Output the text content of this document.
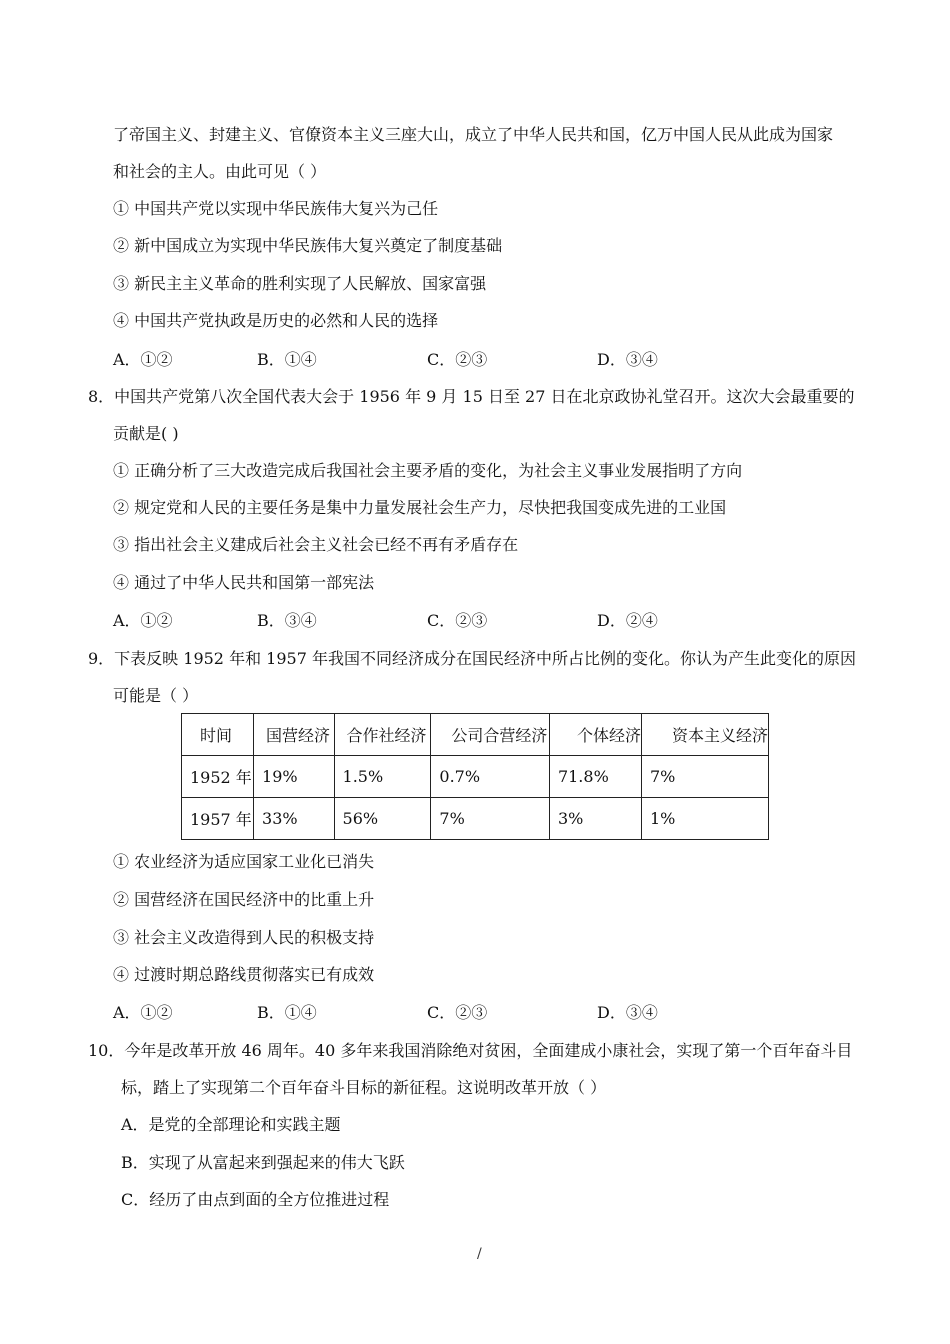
了帝国主义、封建主义、官僚资本主义三座大山，成立了中华人民共和国，亿万中国人民从此成为国家
和社会的主人。由此可见（ ）
① 中国共产党以实现中华民族伟大复兴为己任
② 新中国成立为实现中华民族伟大复兴奠定了制度基础
③ 新民主主义革命的胜利实现了人民解放、国家富强
④ 中国共产党执政是历史的必然和人民的选择
A．①②	B．①④	C．②③	D．③④
8．中国共产党第八次全国代表大会于 1956 年 9 月 15 日至 27 日在北京政协礼堂召开。这次大会最重要的
贡献是( )
① 正确分析了三大改造完成后我国社会主要矛盾的变化，为社会主义事业发展指明了方向
② 规定党和人民的主要任务是集中力量发展社会生产力，尽快把我国变成先进的工业国
③ 指出社会主义建成后社会主义社会已经不再有矛盾存在
④ 通过了中华人民共和国第一部宪法
A．①②	B．③④	C．②③	D．②④
9．下表反映 1952 年和 1957 年我国不同经济成分在国民经济中所占比例的变化。你认为产生此变化的原因
可能是（ ）
时间	国营经济	合作社经济	公司合营经济	个体经济	资本主义经济
1952 年	19%	1.5%	0.7%	71.8%	7%
1957 年	33%	56%	7%	3%	1%
① 农业经济为适应国家工业化已消失
② 国营经济在国民经济中的比重上升
③ 社会主义改造得到人民的积极支持
④ 过渡时期总路线贯彻落实已有成效
A．①②	B．①④	C．②③	D．③④
10．今年是改革开放 46 周年。40 多年来我国消除绝对贫困，全面建成小康社会，实现了第一个百年奋斗目
标，踏上了实现第二个百年奋斗目标的新征程。这说明改革开放（ ）
A．是党的全部理论和实践主题
B．实现了从富起来到强起来的伟大飞跃
C．经历了由点到面的全方位推进过程
/
